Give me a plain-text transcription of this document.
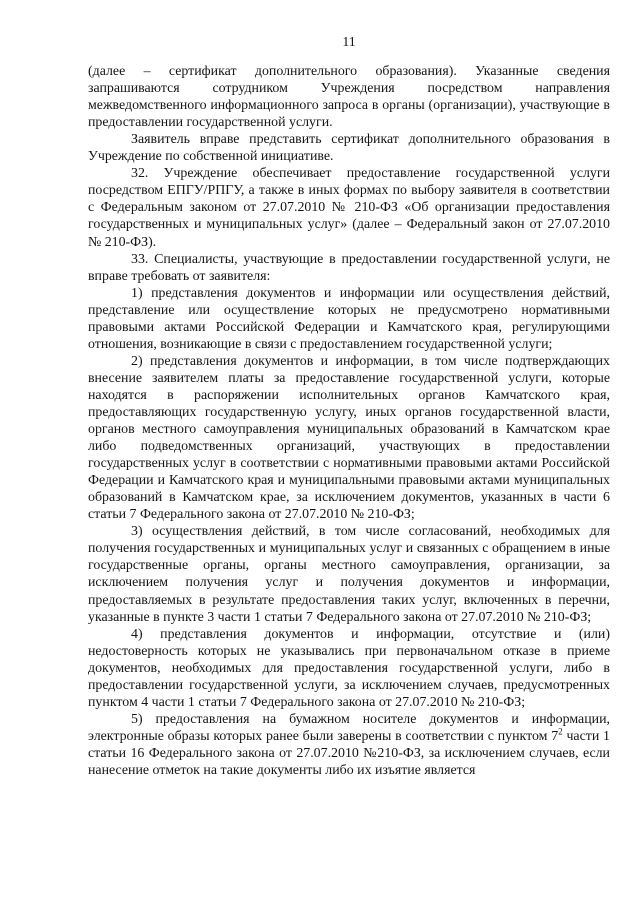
11

(далее – сертификат дополнительного образования). Указанные сведения запрашиваются сотрудником Учреждения посредством направления межведомственного информационного запроса в органы (организации), участвующие в предоставлении государственной услуги.

Заявитель вправе представить сертификат дополнительного образования в Учреждение по собственной инициативе.

32. Учреждение обеспечивает предоставление государственной услуги посредством ЕПГУ/РПГУ, а также в иных формах по выбору заявителя в соответствии с Федеральным законом от 27.07.2010 № 210-ФЗ «Об организации предоставления государственных и муниципальных услуг» (далее – Федеральный закон от 27.07.2010 № 210-ФЗ).

33. Специалисты, участвующие в предоставлении государственной услуги, не вправе требовать от заявителя:

1) представления документов и информации или осуществления действий, представление или осуществление которых не предусмотрено нормативными правовыми актами Российской Федерации и Камчатского края, регулирующими отношения, возникающие в связи с предоставлением государственной услуги;

2) представления документов и информации, в том числе подтверждающих внесение заявителем платы за предоставление государственной услуги, которые находятся в распоряжении исполнительных органов Камчатского края, предоставляющих государственную услугу, иных органов государственной власти, органов местного самоуправления муниципальных образований в Камчатском крае либо подведомственных организаций, участвующих в предоставлении государственных услуг в соответствии с нормативными правовыми актами Российской Федерации и Камчатского края и муниципальными правовыми актами муниципальных образований в Камчатском крае, за исключением документов, указанных в части 6 статьи 7 Федерального закона от 27.07.2010 № 210-ФЗ;

3) осуществления действий, в том числе согласований, необходимых для получения государственных и муниципальных услуг и связанных с обращением в иные государственные органы, органы местного самоуправления, организации, за исключением получения услуг и получения документов и информации, предоставляемых в результате предоставления таких услуг, включенных в перечни, указанные в пункте 3 части 1 статьи 7 Федерального закона от 27.07.2010 № 210-ФЗ;

4) представления документов и информации, отсутствие и (или) недостоверность которых не указывались при первоначальном отказе в приеме документов, необходимых для предоставления государственной услуги, либо в предоставлении государственной услуги, за исключением случаев, предусмотренных пунктом 4 части 1 статьи 7 Федерального закона от 27.07.2010 № 210-ФЗ;

5) предоставления на бумажном носителе документов и информации, электронные образы которых ранее были заверены в соответствии с пунктом $7^2$ части 1 статьи 16 Федерального закона от 27.07.2010 №210-ФЗ, за исключением случаев, если нанесение отметок на такие документы либо их изъятие является
